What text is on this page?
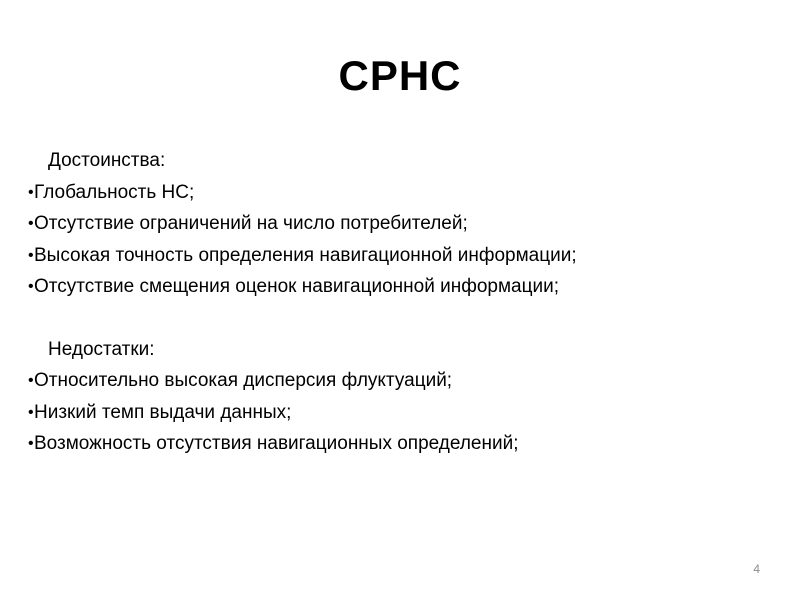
СРНС
Достоинства:
•Глобальность НС;
•Отсутствие ограничений на число потребителей;
•Высокая точность определения навигационной информации;
•Отсутствие смещения оценок навигационной информации;
Недостатки:
•Относительно высокая дисперсия флуктуаций;
•Низкий темп выдачи данных;
•Возможность отсутствия навигационных определений;
4
